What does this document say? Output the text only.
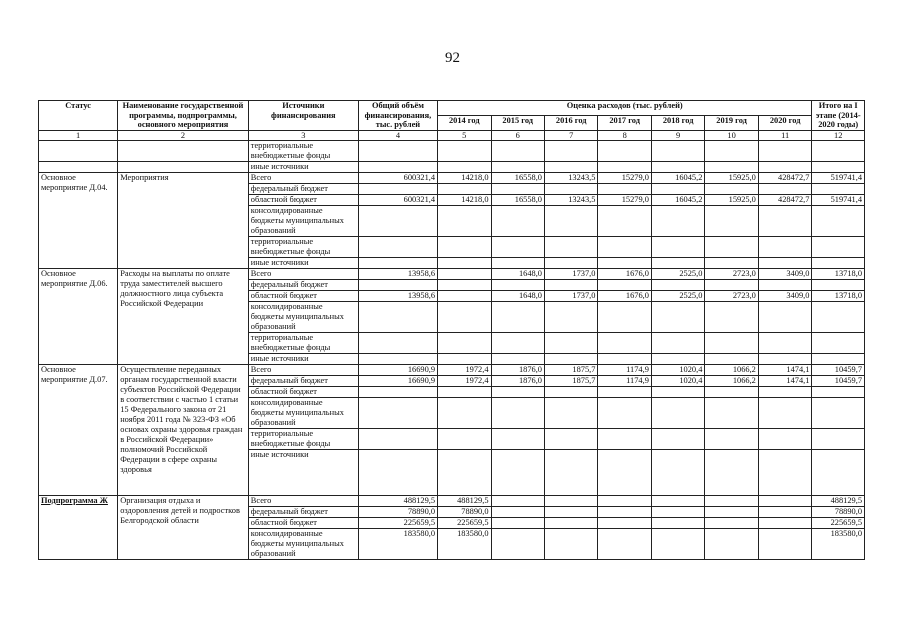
92
Статус	Наименование государственной программы, подпрограммы, основного мероприятия	Источники финансирования	Общий объём финансирования, тыс. рублей	Оценка расходов (тыс. рублей)							Итого на I этапе (2014-2020 годы)
				2014 год	2015 год	2016 год	2017 год	2018 год	2019 год	2020 год	
1	2	3	4	5	6	7	8	9	10	11	12
		территориальные внебюджетные фонды									
		иные источники									
Основное мероприятие Д.04.	Мероприятия	Всего	600321,4	14218,0	16558,0	13243,5	15279,0	16045,2	15925,0	428472,7	519741,4
		федеральный бюджет									
		областной бюджет	600321,4	14218,0	16558,0	13243,5	15279,0	16045,2	15925,0	428472,7	519741,4
		консолидированные бюджеты муниципальных образований									
		территориальные внебюджетные фонды									
		иные источники									
Основное мероприятие Д.06.	Расходы на выплаты по оплате труда заместителей высшего должностного лица субъекта Российской Федерации	Всего	13958,6		1648,0	1737,0	1676,0	2525,0	2723,0	3409,0	13718,0
		федеральный бюджет									
		областной бюджет	13958,6		1648,0	1737,0	1676,0	2525,0	2723,0	3409,0	13718,0
		консолидированные бюджеты муниципальных образований									
		территориальные внебюджетные фонды									
		иные источники									
Основное мероприятие Д.07.	Осуществление переданных органам государственной власти субъектов Российской Федерации в соответствии с частью 1 статьи 15 Федерального закона от 21 ноября 2011 года № 323-ФЗ «Об основах охраны здоровья граждан в Российской Федерации» полномочий Российской Федерации в сфере охраны здоровья	Всего	16690,9	1972,4	1876,0	1875,7	1174,9	1020,4	1066,2	1474,1	10459,7
		федеральный бюджет	16690,9	1972,4	1876,0	1875,7	1174,9	1020,4	1066,2	1474,1	10459,7
		областной бюджет									
		консолидированные бюджеты муниципальных образований									
		территориальные внебюджетные фонды									
		иные источники									
Подпрограмма Ж	Организация отдыха и оздоровления детей и подростков Белгородской области	Всего	488129,5	488129,5							488129,5
		федеральный бюджет	78890,0	78890,0							78890,0
		областной бюджет	225659,5	225659,5							225659,5
		консолидированные бюджеты муниципальных образований	183580,0	183580,0							183580,0
